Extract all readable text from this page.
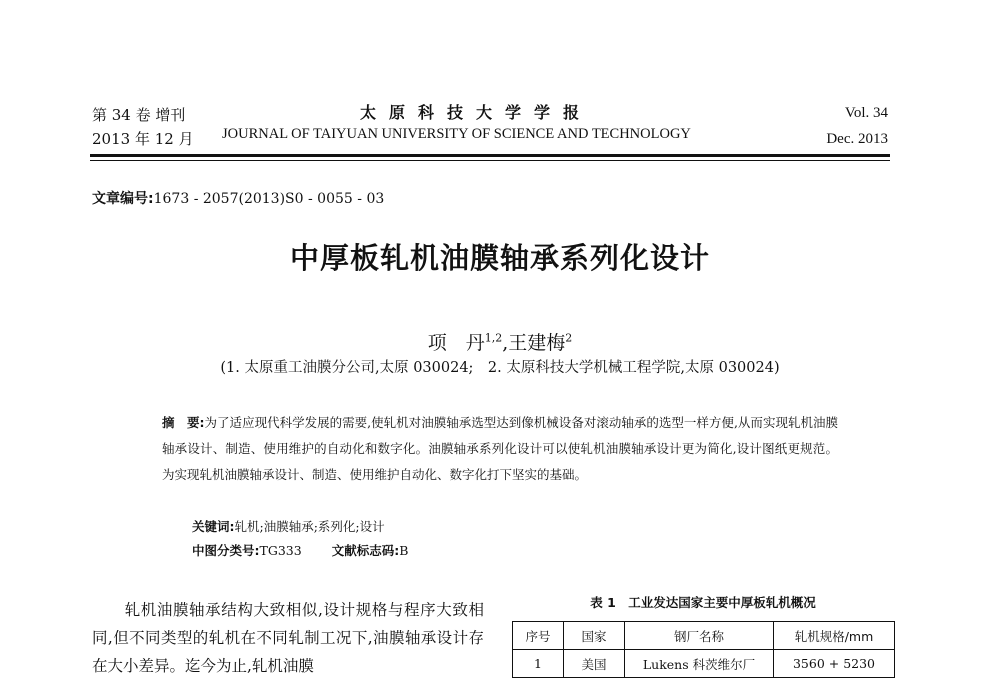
第 34 卷 增刊
2013 年 12 月
太原科技大学学报
JOURNAL OF TAIYUAN UNIVERSITY OF SCIENCE AND TECHNOLOGY
Vol. 34
Dec. 2013
文章编号:1673 - 2057(2013)S0 - 0055 - 03
中厚板轧机油膜轴承系列化设计
项　丹$^{1,2}$,王建梅$^2$
(1. 太原重工油膜分公司,太原 030024;　2. 太原科技大学机械工程学院,太原 030024)
摘　要:为了适应现代科学发展的需要,使轧机对油膜轴承选型达到像机械设备对滚动轴承的选型一样方便,从而实现轧机油膜轴承设计、制造、使用维护的自动化和数字化。油膜轴承系列化设计可以使轧机油膜轴承设计更为简化,设计图纸更规范。为实现轧机油膜轴承设计、制造、使用维护自动化、数字化打下坚实的基础。
关键词:轧机;油膜轴承;系列化;设计
中图分类号:TG333 文献标志码:B
轧机油膜轴承结构大致相似,设计规格与程序大致相同,但不同类型的轧机在不同轧制工况下,油膜轴承设计存在大小差异。迄今为止,轧机油膜
表 1　工业发达国家主要中厚板轧机概况
序号	国家	钢厂名称	轧机规格/mm
1	美国	Lukens 科茨维尔厂	3560 + 5230
